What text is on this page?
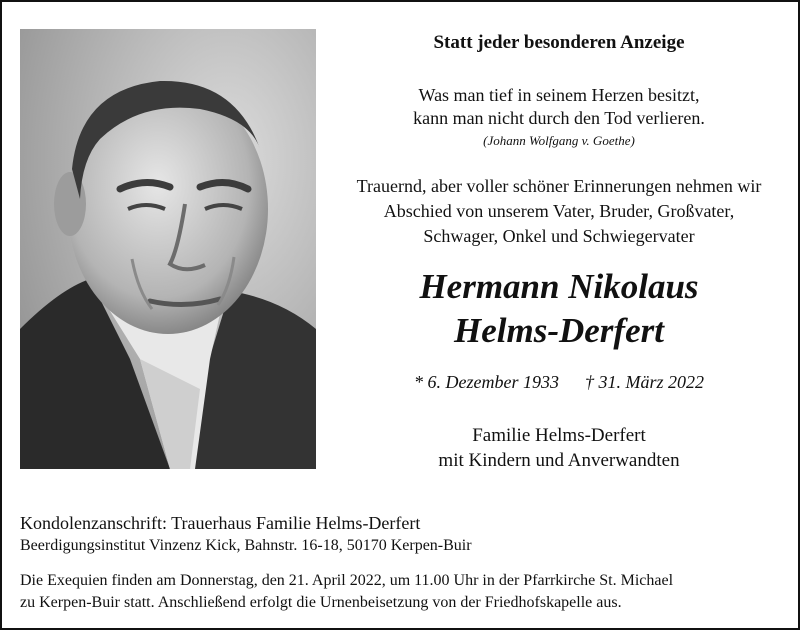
Statt jeder besonderen Anzeige
Was man tief in seinem Herzen besitzt,
kann man nicht durch den Tod verlieren.
(Johann Wolfgang v. Goethe)
Trauernd, aber voller schöner Erinnerungen nehmen wir
Abschied von unserem Vater, Bruder, Großvater,
Schwager, Onkel und Schwiegervater
Hermann Nikolaus
Helms-Derfert
* 6. Dezember 1933 † 31. März 2022
Familie Helms-Derfert
mit Kindern und Anverwandten
Kondolenzanschrift: Trauerhaus Familie Helms-Derfert
Beerdigungsinstitut Vinzenz Kick, Bahnstr. 16-18, 50170 Kerpen-Buir
Die Exequien finden am Donnerstag, den 21. April 2022, um 11.00 Uhr in der Pfarrkirche St. Michael
zu Kerpen-Buir statt. Anschließend erfolgt die Urnenbeisetzung von der Friedhofskapelle aus.
